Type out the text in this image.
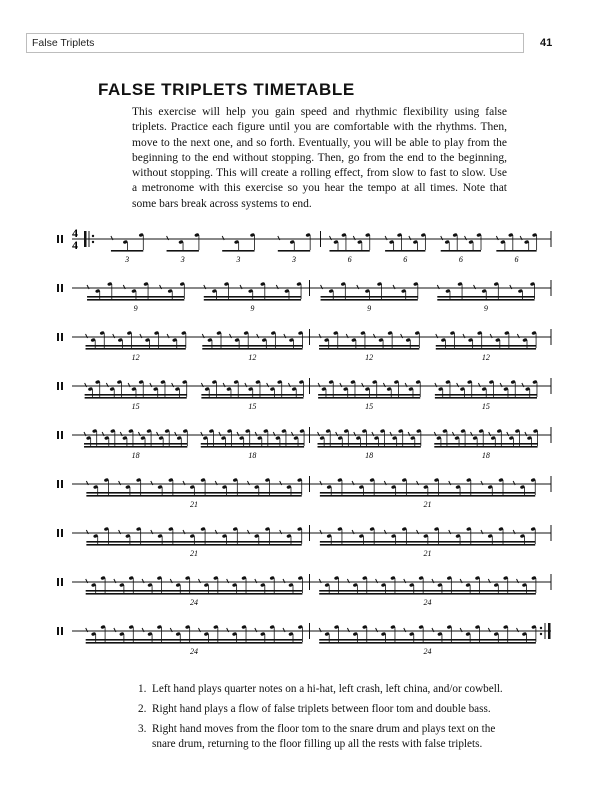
False Triplets	41
FALSE TRIPLETS TIMETABLE

This exercise will help you gain speed and rhythmic flexibility using false triplets. Practice each figure until you are comfortable with the rhythms. Then, move to the next one, and so forth. Eventually, you will be able to play from the beginning to the end without stopping. Then, go from the end to the beginning, without stopping. This will create a rolling effect, from slow to fast to slow. Use a metronome with this exercise so you hear the tempo at all times. Note that some bars break across systems to end.

4
4
3	3	3	3	6	6	6	6
9	9	9	9
12	12	12	12
15	15	15	15
18	18	18	18
21	21
21	21
24	24
24	24
1. Left hand plays quarter notes on a hi-hat, left crash, left china, and/or cowbell.
2. Right hand plays a flow of false triplets between floor tom and double bass.
3. Right hand moves from the floor tom to the snare drum and plays text on the snare drum, returning to the floor filling up all the rests with false triplets.
